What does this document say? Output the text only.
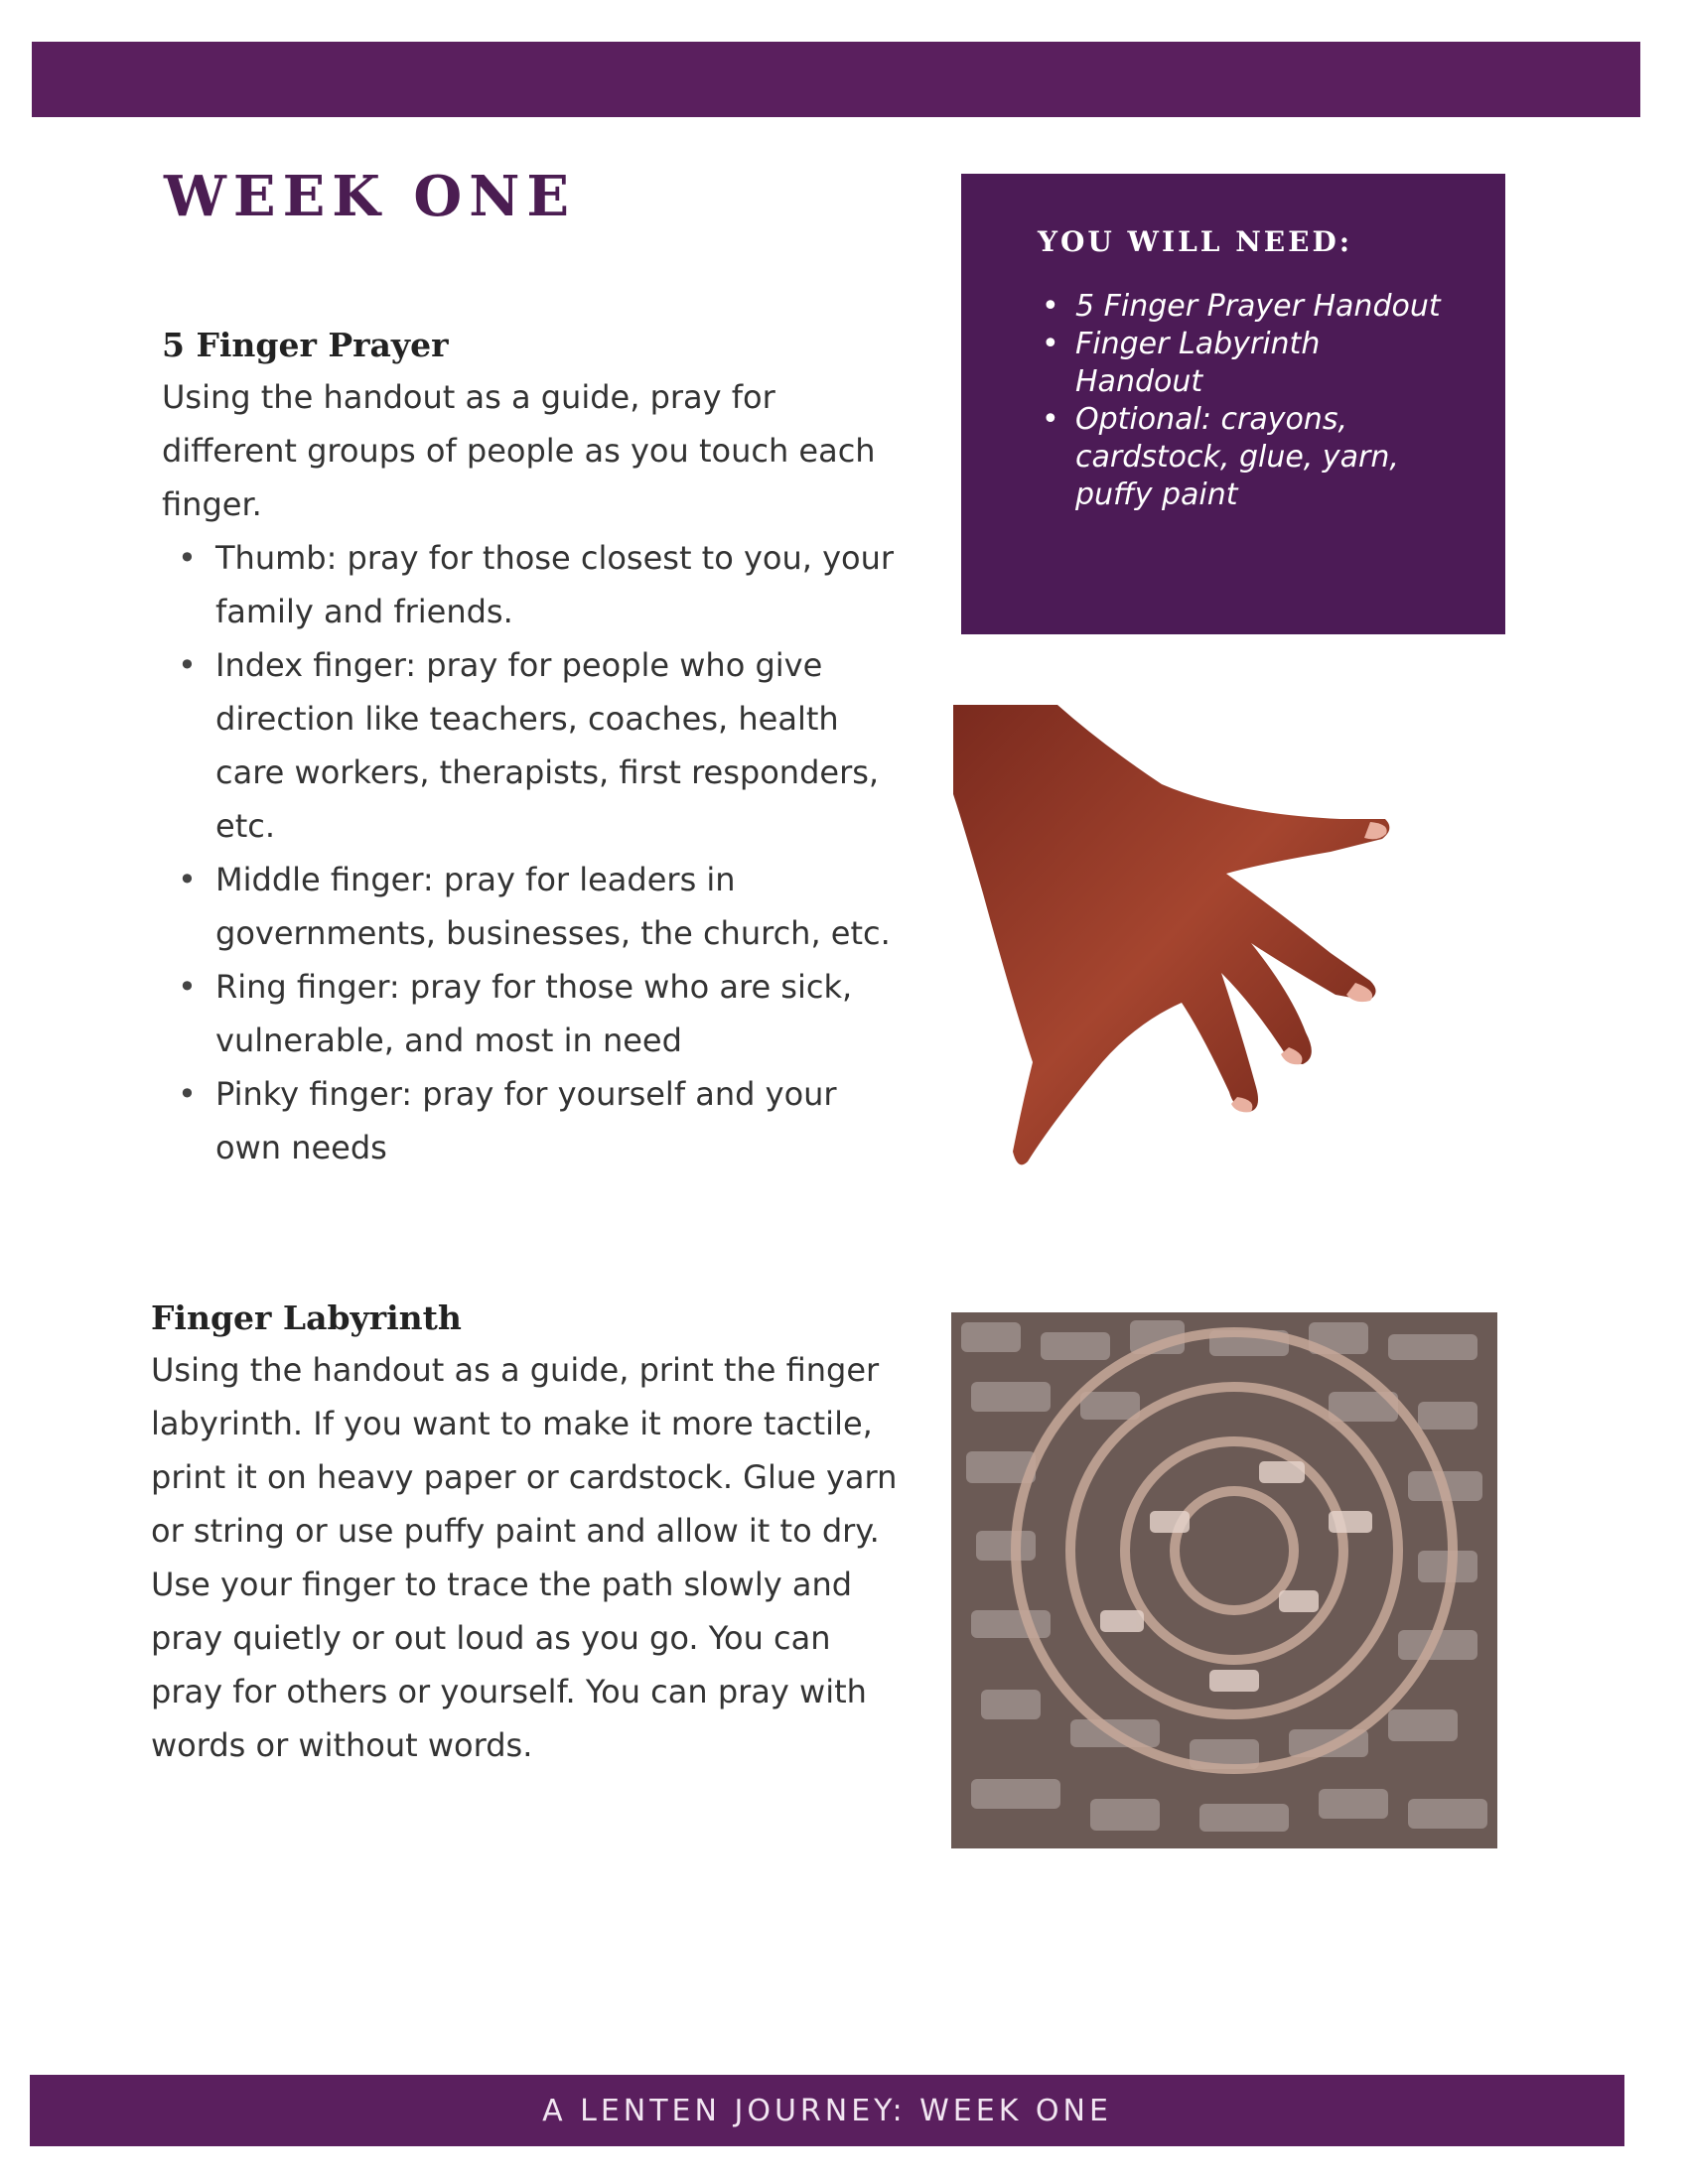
WEEK ONE
5 Finger Prayer

Using the handout as a guide, pray for different groups of people as you touch each finger.

• Thumb: pray for those closest to you, your family and friends.
• Index finger: pray for people who give direction like teachers, coaches, health care workers, therapists, first responders, etc.
• Middle finger: pray for leaders in governments, businesses, the church, etc.
• Ring finger: pray for those who are sick, vulnerable, and most in need
• Pinky finger: pray for yourself and your own needs
Finger Labyrinth

Using the handout as a guide, print the finger labyrinth. If you want to make it more tactile, print it on heavy paper or cardstock. Glue yarn or string or use puffy paint and allow it to dry. Use your finger to trace the path slowly and pray quietly or out loud as you go. You can pray for others or yourself. You can pray with words or without words.

YOU WILL NEED:
• 5 Finger Prayer Handout
• Finger Labyrinth Handout
• Optional: crayons, cardstock, glue, yarn, puffy paint
A LENTEN JOURNEY: WEEK ONE
